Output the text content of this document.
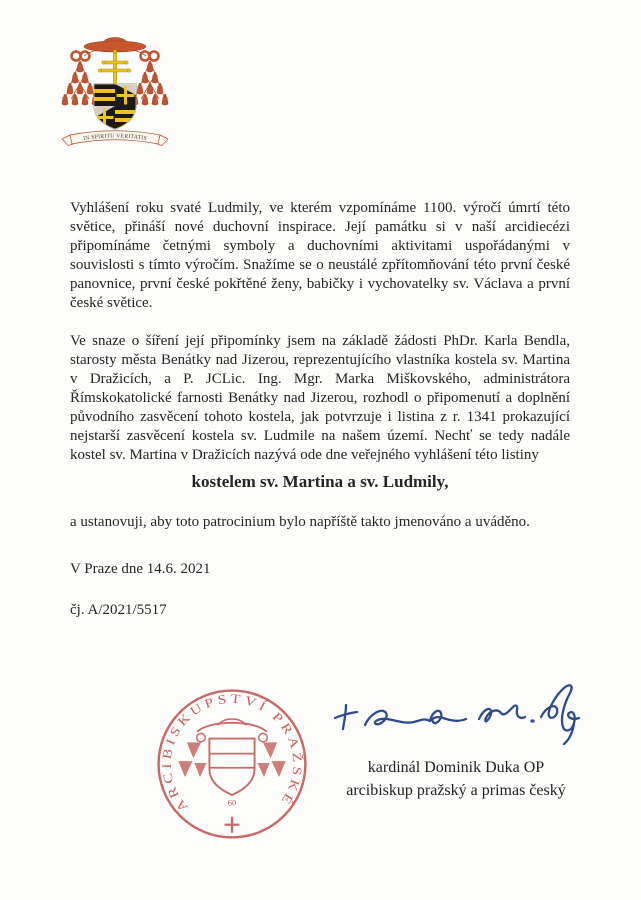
IN SPIRITU VERITATIS

Vyhlášení roku svaté Ludmily, ve kterém vzpomínáme 1100. výročí úmrtí této světice, přináší nové duchovní inspirace. Její památku si v naší arcidiecézi připomínáme četnými symboly a duchovními aktivitami uspořádanými v souvislosti s tímto výročím. Snažíme se o neustálé zpřítomňování této první české panovnice, první české pokřtěné ženy, babičky i vychovatelky sv. Václava a první české světice.

Ve snaze o šíření její připomínky jsem na základě žádosti PhDr. Karla Bendla, starosty města Benátky nad Jizerou, reprezentujícího vlastníka kostela sv. Martina v Dražicích, a P. JCLic. Ing. Mgr. Marka Miškovského, administrátora Římskokatolické farnosti Benátky nad Jizerou, rozhodl o připomenutí a doplnění původního zasvěcení tohoto kostela, jak potvrzuje i listina z r. 1341 prokazující nejstarší zasvěcení kostela sv. Ludmile na našem území. Nechť se tedy nadále kostel sv. Martina v Dražicích nazývá ode dne veřejného vyhlášení této listiny

kostelem sv. Martina a sv. Ludmily,

a ustanovuji, aby toto patrocinium bylo napříště takto jmenováno a uváděno.

V Praze dne 14.6. 2021

čj. A/2021/5517

09
ARCIBISKUPSTVÍ PRAŽSKÉ
kardinál Dominik Duka OP
arcibiskup pražský a primas český
